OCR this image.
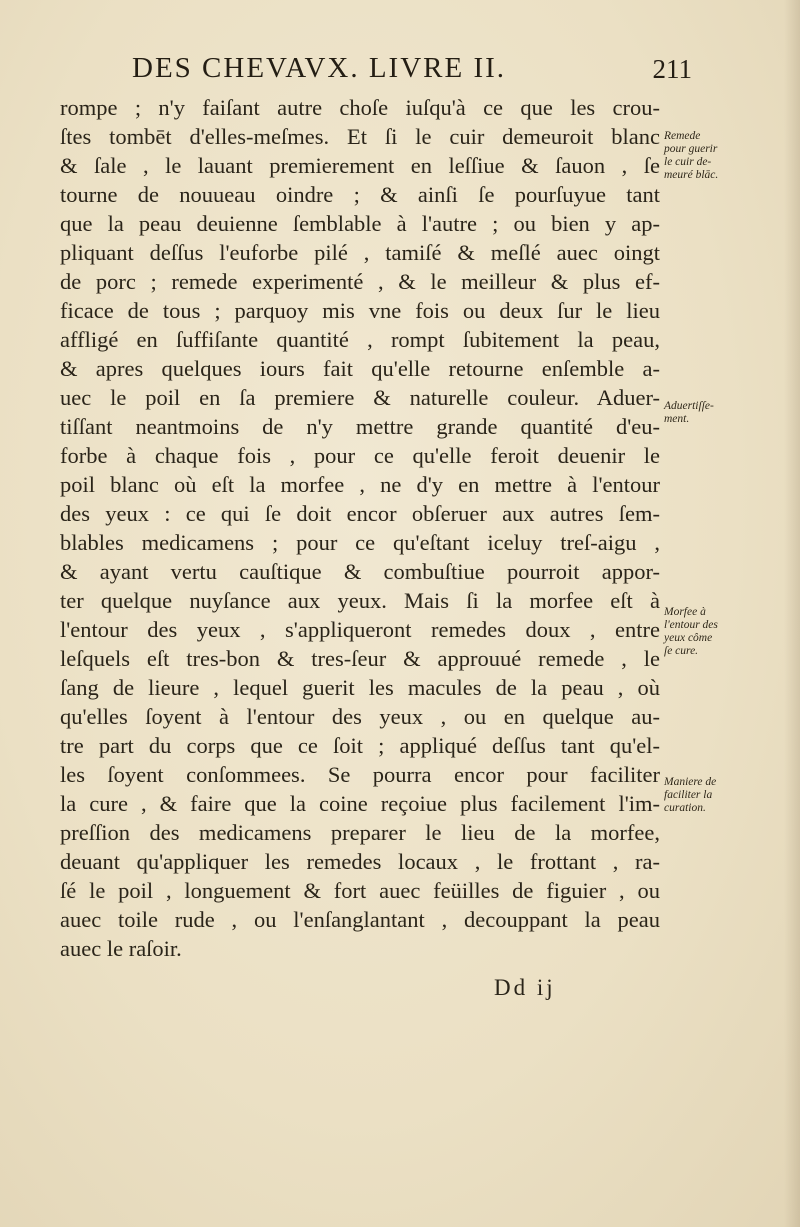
DES CHEVAVX. LIVRE II.	211
rompe ; n'y faiſant autre choſe iuſqu'à ce que les crou-
ſtes tombēt d'elles-meſmes. Et ſi le cuir demeuroit blanc
& ſale , le lauant premierement en leſſiue & ſauon , ſe
tourne de nouueau oindre ; & ainſi ſe pourſuyue tant
que la peau deuienne ſemblable à l'autre ; ou bien y ap-
pliquant deſſus l'euforbe pilé , tamiſé & meſlé auec oingt
de porc ; remede experimenté , & le meilleur & plus ef-
ficace de tous ; parquoy mis vne fois ou deux ſur le lieu
affligé en ſuffiſante quantité , rompt ſubitement la peau,
& apres quelques iours fait qu'elle retourne enſemble a-
uec le poil en ſa premiere & naturelle couleur. Aduer-
tiſſant neantmoins de n'y mettre grande quantité d'eu-
forbe à chaque fois , pour ce qu'elle feroit deuenir le
poil blanc où eſt la morfee , ne d'y en mettre à l'entour
des yeux : ce qui ſe doit encor obſeruer aux autres ſem-
blables medicamens ; pour ce qu'eſtant iceluy treſ-aigu ,
& ayant vertu cauſtique & combuſtiue pourroit appor-
ter quelque nuyſance aux yeux. Mais ſi la morfee eſt à
l'entour des yeux , s'appliqueront remedes doux , entre
leſquels eſt tres-bon & tres-ſeur & approuué remede , le
ſang de lieure , lequel guerit les macules de la peau , où
qu'elles ſoyent à l'entour des yeux , ou en quelque au-
tre part du corps que ce ſoit ; appliqué deſſus tant qu'el-
les ſoyent conſommees. Se pourra encor pour faciliter
la cure , & faire que la coine reçoiue plus facilement l'im-
preſſion des medicamens preparer le lieu de la morfee,
deuant qu'appliquer les remedes locaux , le frottant , ra-
ſé le poil , longuement & fort auec feüilles de figuier , ou
auec toile rude , ou l'enſanglantant , decouppant la peau
auec le raſoir.
Remede
pour guerir
le cuir de-
meuré blāc.
Aduertiſſe-
ment.
Morfee à
l'entour des
yeux côme
ſe cure.
Maniere de
faciliter la
curation.
Dd ij
